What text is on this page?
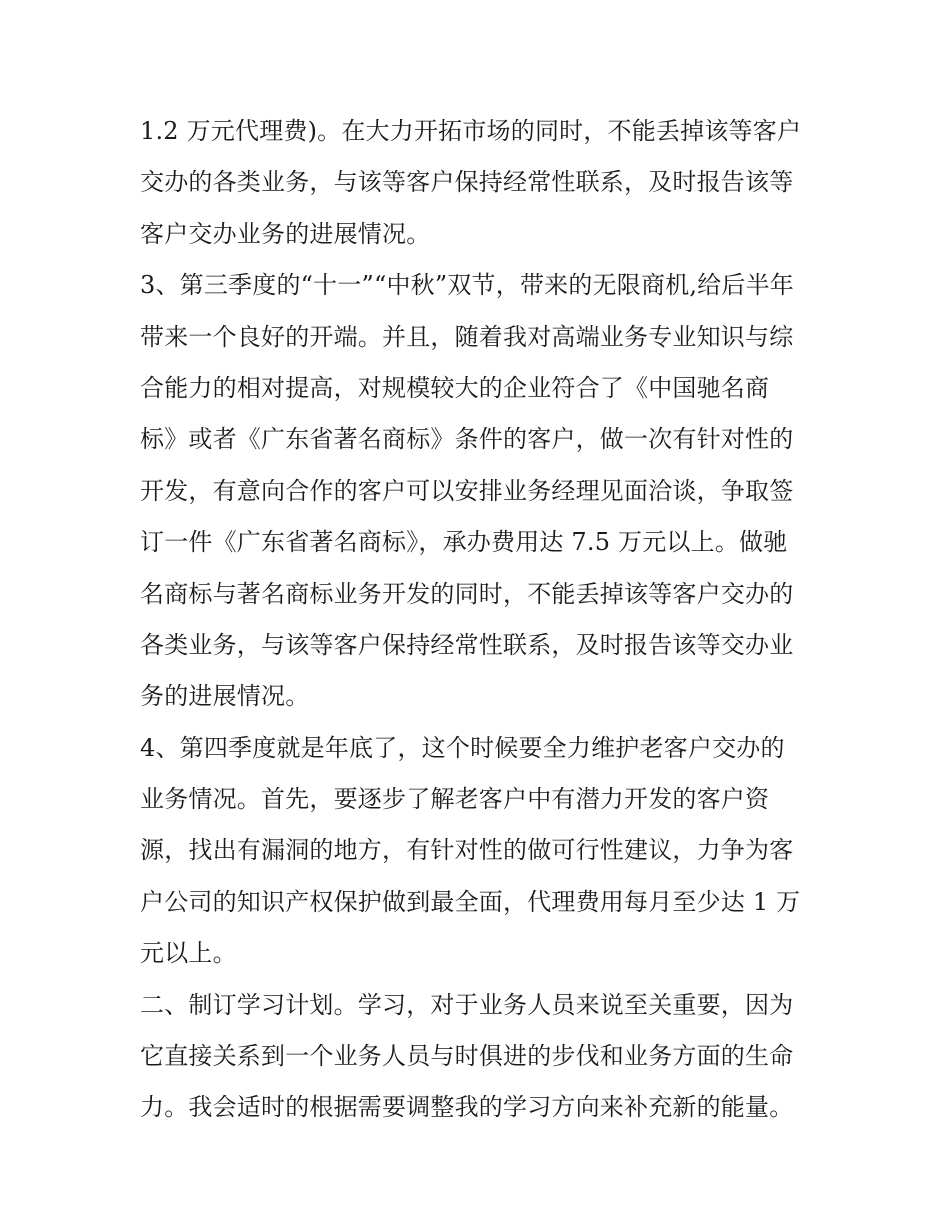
1.2 万元代理费)。在大力开拓市场的同时，不能丢掉该等客户
交办的各类业务，与该等客户保持经常性联系，及时报告该等
客户交办业务的进展情况。

3、第三季度的“十一”“中秋”双节，带来的无限商机,给后半年
带来一个良好的开端。并且，随着我对高端业务专业知识与综
合能力的相对提高，对规模较大的企业符合了《中国驰名商
标》或者《广东省著名商标》条件的客户，做一次有针对性的
开发，有意向合作的客户可以安排业务经理见面洽谈，争取签
订一件《广东省著名商标》，承办费用达 7.5 万元以上。做驰
名商标与著名商标业务开发的同时，不能丢掉该等客户交办的
各类业务，与该等客户保持经常性联系，及时报告该等交办业
务的进展情况。

4、第四季度就是年底了，这个时候要全力维护老客户交办的
业务情况。首先，要逐步了解老客户中有潜力开发的客户资
源，找出有漏洞的地方，有针对性的做可行性建议，力争为客
户公司的知识产权保护做到最全面，代理费用每月至少达 1 万
元以上。

二、制订学习计划。学习，对于业务人员来说至关重要，因为
它直接关系到一个业务人员与时俱进的步伐和业务方面的生命
力。我会适时的根据需要调整我的学习方向来补充新的能量。
